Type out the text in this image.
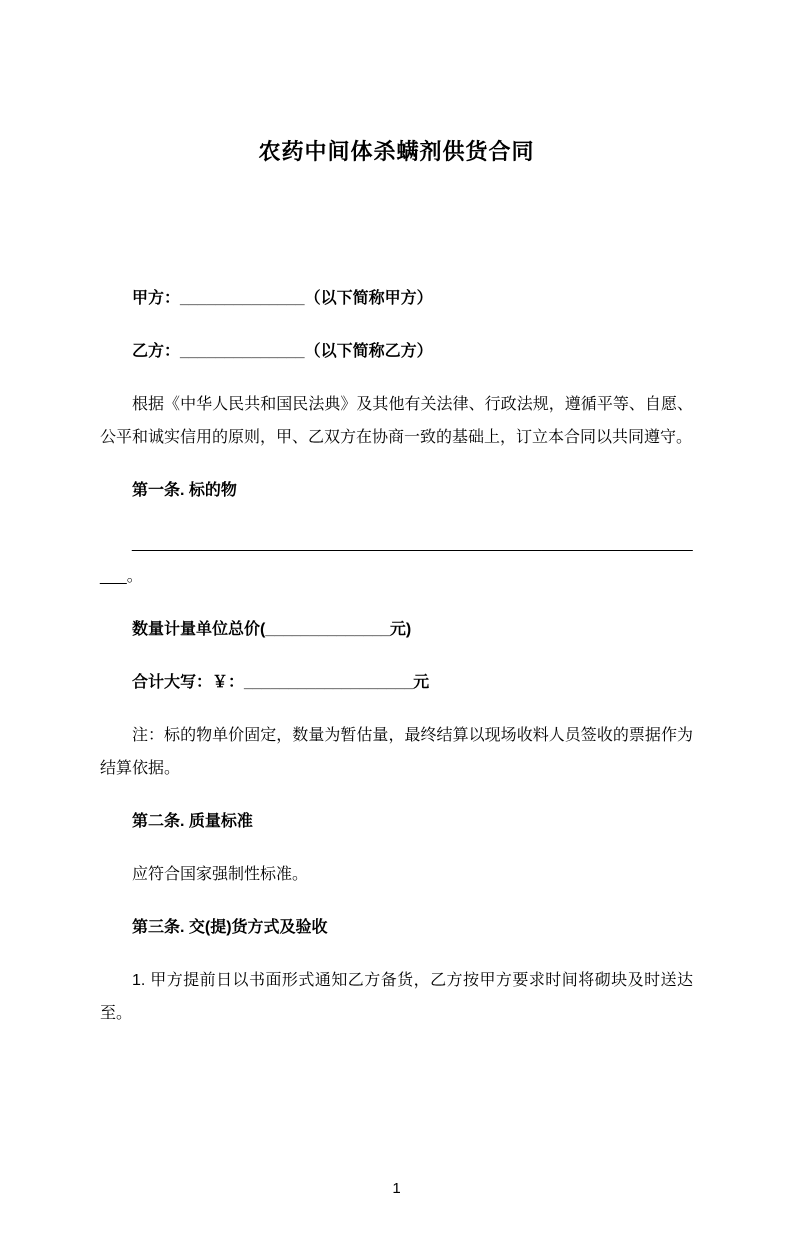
农药中间体杀螨剂供货合同

甲方：______________（以下简称甲方）

乙方：______________（以下简称乙方）

根据《中华人民共和国民法典》及其他有关法律、行政法规，遵循平等、自愿、公平和诚实信用的原则，甲、乙双方在协商一致的基础上，订立本合同以共同遵守。

第一条. 标的物

__________________________________________________________________。

数量计量单位总价(______________元)

合计大写：￥：___________________元

注：标的物单价固定，数量为暂估量，最终结算以现场收料人员签收的票据作为结算依据。

第二条. 质量标准

应符合国家强制性标准。

第三条. 交(提)货方式及验收

1. 甲方提前日以书面形式通知乙方备货，乙方按甲方要求时间将砌块及时送达至。

1
